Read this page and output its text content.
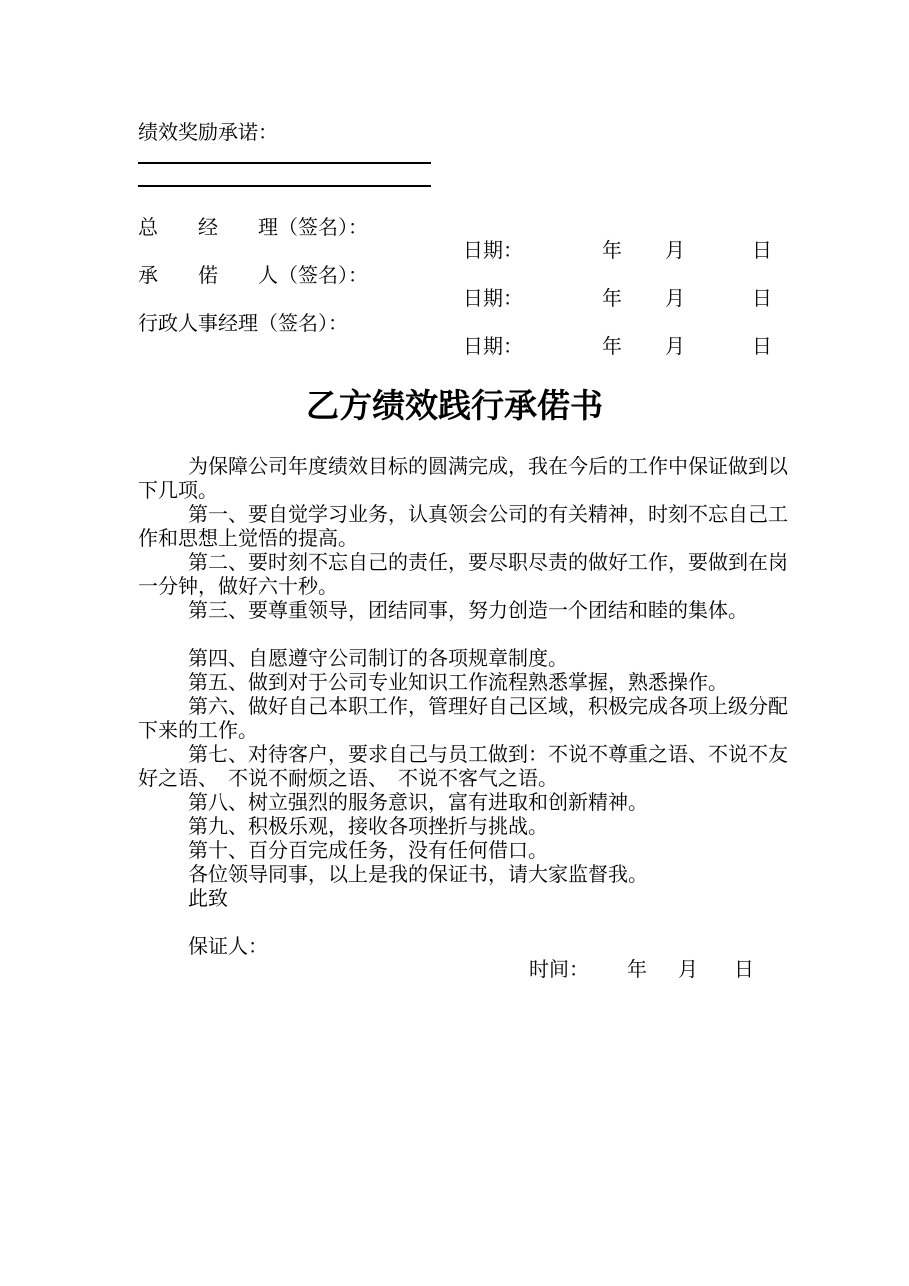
绩效奖励承诺：
总　　经　　理（签名）：
日期：	年 月	日
承　　偌　　人（签名）：
日期：	年 月	日
行政人事经理（签名）：
日期：	年 月	日
乙方绩效践行承偌书
为保障公司年度绩效目标的圆满完成，我在今后的工作中保证做到以下几项。
第一、要自觉学习业务，认真领会公司的有关精神，时刻不忘自己工作和思想上觉悟的提高。
第二、要时刻不忘自己的责任，要尽职尽责的做好工作，要做到在岗一分钟，做好六十秒。
第三、要尊重领导，团结同事，努力创造一个团结和睦的集体。
第四、自愿遵守公司制订的各项规章制度。
第五、做到对于公司专业知识工作流程熟悉掌握，熟悉操作。
第六、做好自己本职工作，管理好自己区域，积极完成各项上级分配下来的工作。
第七、对待客户，要求自己与员工做到：不说不尊重之语、不说不友好之语、　不说不耐烦之语、　不说不客气之语。
第八、树立强烈的服务意识，富有进取和创新精神。
第九、积极乐观，接收各项挫折与挑战。
第十、百分百完成任务，没有任何借口。
各位领导同事，以上是我的保证书，请大家监督我。
此致
保证人：
时间： 年 月 日
